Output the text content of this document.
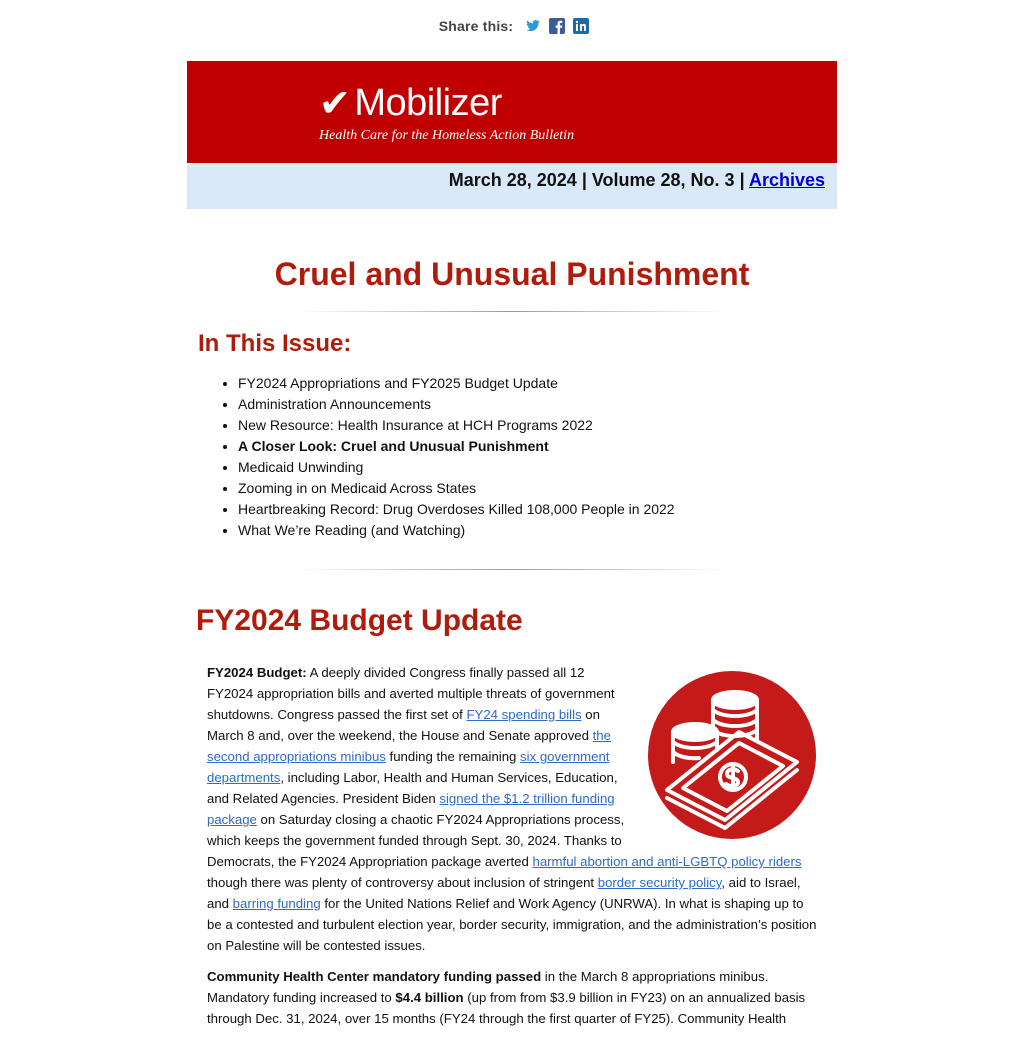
Share this:
✔ Mobilizer
Health Care for the Homeless Action Bulletin
March 28, 2024 | Volume 28, No. 3 | Archives
Cruel and Unusual Punishment
In This Issue:
• FY2024 Appropriations and FY2025 Budget Update
• Administration Announcements
• New Resource: Health Insurance at HCH Programs 2022
• A Closer Look: Cruel and Unusual Punishment
• Medicaid Unwinding
• Zooming in on Medicaid Across States
• Heartbreaking Record: Drug Overdoses Killed 108,000 People in 2022
• What We’re Reading (and Watching)
FY2024 Budget Update

FY2024 Budget: A deeply divided Congress finally passed all 12 FY2024 appropriation bills and averted multiple threats of government shutdowns. Congress passed the first set of FY24 spending bills on March 8 and, over the weekend, the House and Senate approved the second appropriations minibus funding the remaining six government departments, including Labor, Health and Human Services, Education, and Related Agencies. President Biden signed the $1.2 trillion funding package on Saturday closing a chaotic FY2024 Appropriations process, which keeps the government funded through Sept. 30, 2024. Thanks to Democrats, the FY2024 Appropriation package averted harmful abortion and anti-LGBTQ policy riders though there was plenty of controversy about inclusion of stringent border security policy, aid to Israel, and barring funding for the United Nations Relief and Work Agency (UNRWA). In what is shaping up to be a contested and turbulent election year, border security, immigration, and the administration’s position on Palestine will be contested issues.

Community Health Center mandatory funding passed in the March 8 appropriations minibus. Mandatory funding increased to $4.4 billion (up from from $3.9 billion in FY23) on an annualized basis through Dec. 31, 2024, over 15 months (FY24 through the first quarter of FY25). Community Health
